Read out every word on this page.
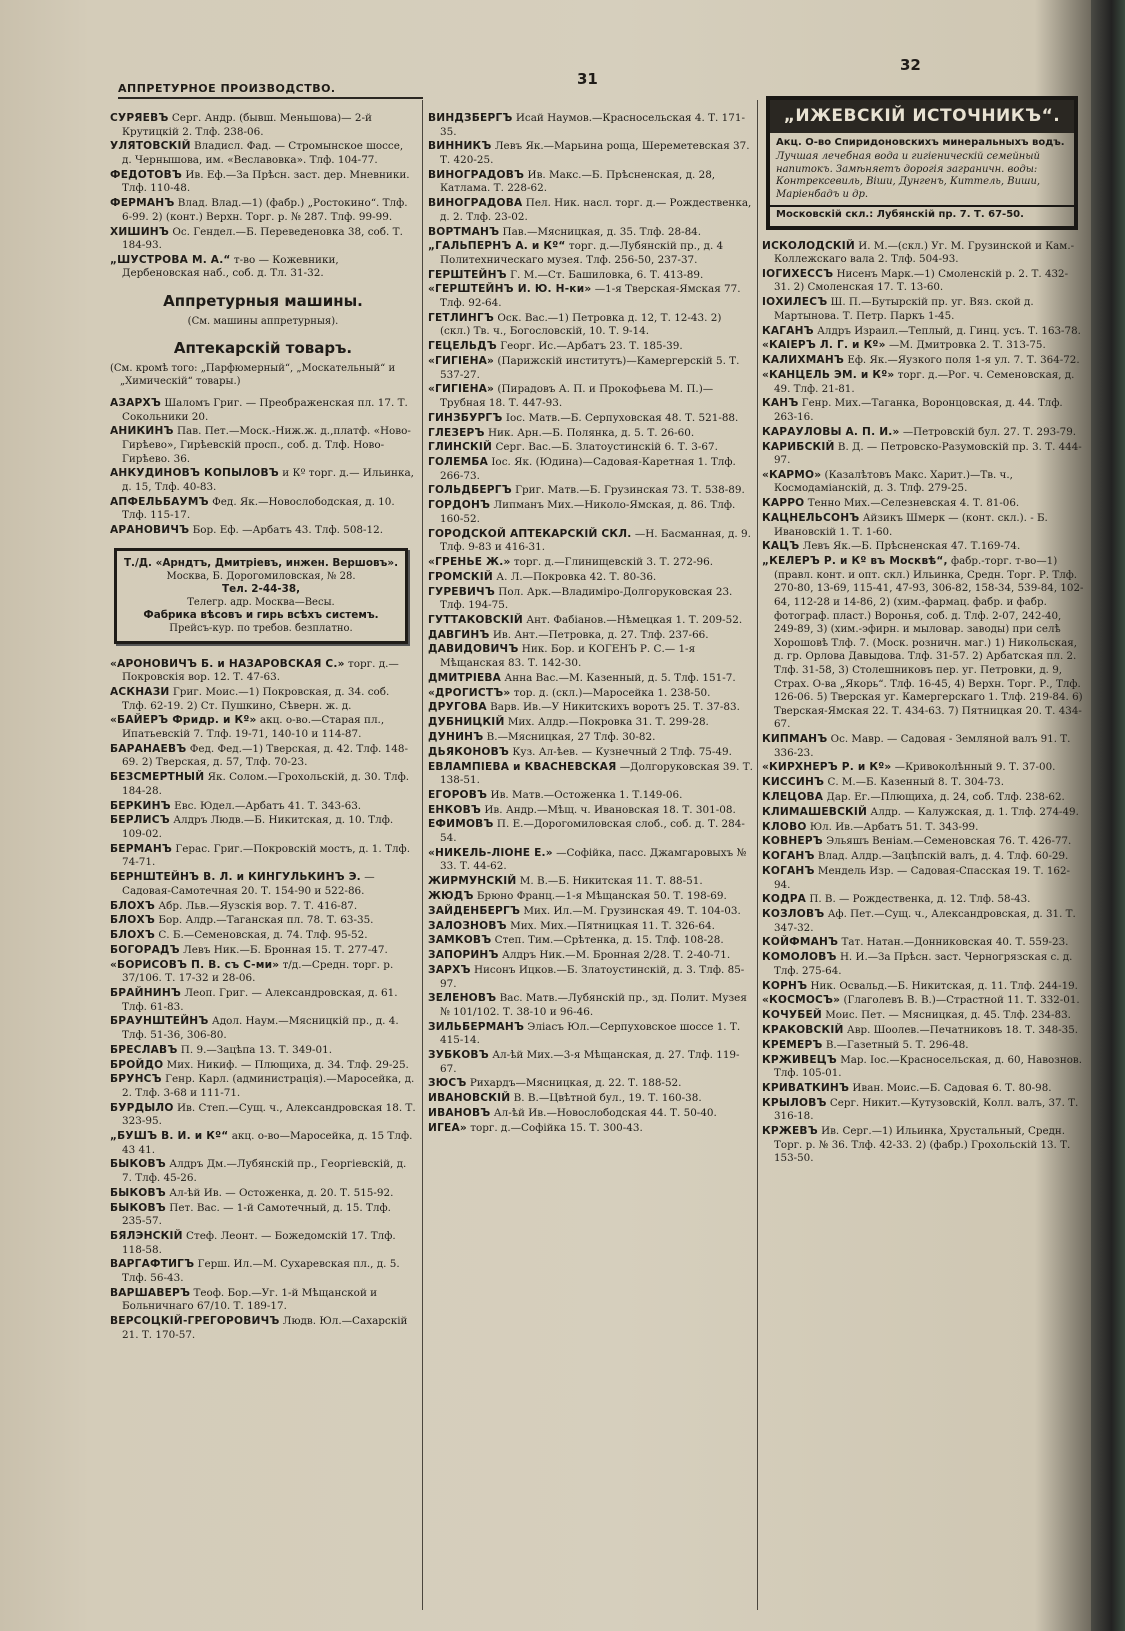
АППРЕТУРНОЕ ПРОИЗВОДСТВО.
31
32
СУРЯЕВЪ Серг. Андр. (бывш. Меньшова)— 2-й Крутицкій 2. Тлф. 238-06.
УЛЯТОВСКІЙ Владисл. Фад. — Стромынское шоссе, д. Чернышова, им. «Веславовка». Тлф. 104-77.
ФЕДОТОВЪ Ив. Еф.—За Прѣсн. заст. дер. Мневники. Тлф. 110-48.
ФЕРМАНЪ Влад. Влад.—1) (фабр.) „Ростокино“. Тлф. 6-99. 2) (конт.) Верхн. Торг. р. № 287. Тлф. 99-99.
ХИШИНЪ Ос. Гендел.—Б. Переведеновка 38, соб. Т. 184-93.
„ШУСТРОВА М. А.“ т-во — Кожевники, Дербеновская наб., соб. д. Тл. 31-32.
Аппретурныя машины.
(См. машины аппретурныя).
Аптекарскій товаръ.
(См. кромѣ того: „Парфюмерный“, „Москательный“ и „Химическій“ товары.)
АЗАРХЪ Шаломъ Григ. — Преображенская пл. 17. Т. Сокольники 20.
АНИКИНЪ Пав. Пет.—Моск.-Ниж.ж. д.,платф. «Ново-Гирѣево», Гирѣевскій просп., соб. д. Тлф. Ново-Гирѣево. 36.
АНКУДИНОВЪ КОПЫЛОВЪ и Кº торг. д.— Ильинка, д. 15, Тлф. 40-83.
АПФЕЛЬБАУМЪ Фед. Як.—Новослободская, д. 10. Тлф. 115-17.
АРАНОВИЧЪ Бор. Еф. —Арбатъ 43. Тлф. 508-12.
Т./Д. «Арндтъ, Дмитріевъ, инжен. Вершовъ».
Москва, Б. Дорогомиловская, № 28.
Тел. 2-44-38,
Телегр. адр. Москва—Весы.
Фабрика вѣсовъ и гирь всѣхъ системъ.
Прейсъ-кур. по требов. безплатно.
«АРОНОВИЧЪ Б. и НАЗАРОВСКАЯ С.» торг. д.—Покровскія вор. 12. Т. 47-63.
АСКНАЗИ Григ. Моис.—1) Покровская, д. 34. соб. Тлф. 62-19. 2) Ст. Пушкино, Сѣверн. ж. д.
«БАЙЕРЪ Фридр. и Кº» акц. о-во.—Старая пл., Ипатьевскій 7. Тлф. 19-71, 140-10 и 114-87.
БАРАНАЕВЪ Фед. Фед.—1) Тверская, д. 42. Тлф. 148-69. 2) Тверская, д. 57, Тлф. 70-23.
БЕЗСМЕРТНЫЙ Як. Солом.—Грохольскій, д. 30. Тлф. 184-28.
БЕРКИНЪ Евс. Юдел.—Арбатъ 41. Т. 343-63.
БЕРЛИСЪ Алдръ Людв.—Б. Никитская, д. 10. Тлф. 109-02.
БЕРМАНЪ Герас. Григ.—Покровскій мостъ, д. 1. Тлф. 74-71.
БЕРНШТЕЙНЪ В. Л. и КИНГУЛЬКИНЪ Э. — Садовая-Самотечная 20. Т. 154-90 и 522-86.
БЛОХЪ Абр. Льв.—Яузскія вор. 7. Т. 416-87.
БЛОХЪ Бор. Алдр.—Таганская пл. 78. Т. 63-35.
БЛОХЪ С. Б.—Семеновская, д. 74. Тлф. 95-52.
БОГОРАДЪ Левъ Ник.—Б. Бронная 15. Т. 277-47.
«БОРИСОВЪ П. В. съ С-ми» т/д.—Средн. торг. р. 37/106. Т. 17-32 и 28-06.
БРАЙНИНЪ Леоп. Григ. — Александровская, д. 61. Тлф. 61-83.
БРАУНШТЕЙНЪ Адол. Наум.—Мясницкій пр., д. 4. Тлф. 51-36, 306-80.
БРЕСЛАВЪ П. 9.—Зацѣпа 13. Т. 349-01.
БРОЙДО Мих. Никиф. — Плющиха, д. 34. Тлф. 29-25.
БРУНСЪ Генр. Карл. (администрація).—Маросейка, д. 2. Тлф. 3-68 и 111-71.
БУРДЫЛО Ив. Степ.—Сущ. ч., Александровская 18. Т. 323-95.
„БУШЪ В. И. и Кº“ акц. о-во—Маросейка, д. 15 Тлф. 43 41.
БЫКОВЪ Алдръ Дм.—Лубянскій пр., Георгіевскій, д. 7. Тлф. 45-26.
БЫКОВЪ Ал-ѣй Ив. — Остоженка, д. 20. Т. 515-92.
БЫКОВЪ Пет. Вас. — 1-й Самотечный, д. 15. Тлф. 235-57.
БЯЛЭНСКІЙ Стеф. Леонт. — Божедомскій 17. Тлф. 118-58.
ВАРГАФТИГЪ Герш. Ил.—М. Сухаревская пл., д. 5. Тлф. 56-43.
ВАРШАВЕРЪ Теоф. Бор.—Уг. 1-й Мѣщанской и Больничнаго 67/10. Т. 189-17.
ВЕРСОЦКІЙ-ГРЕГОРОВИЧЪ Людв. Юл.—Сахарскій 21. Т. 170-57.
ВИНДЗБЕРГЪ Исай Наумов.—Красносельская 4. Т. 171-35.
ВИННИКЪ Левъ Як.—Марьина роща, Шереметевская 37. Т. 420-25.
ВИНОГРАДОВЪ Ив. Макс.—Б. Прѣсненская, д. 28, Катлама. Т. 228-62.
ВИНОГРАДОВА Пел. Ник. насл. торг. д.— Рождественка, д. 2. Тлф. 23-02.
ВОРТМАНЪ Пав.—Мясницкая, д. 35. Тлф. 28-84.
„ГАЛЬПЕРНЪ А. и Кº“ торг. д.—Лубянскій пр., д. 4 Политехническаго музея. Тлф. 256-50, 237-37.
ГЕРШТЕЙНЪ Г. М.—Ст. Башиловка, 6. Т. 413-89.
«ГЕРШТЕЙНЪ И. Ю. Н-ки» —1-я Тверская-Ямская 77. Тлф. 92-64.
ГЕТЛИНГЪ Оск. Вас.—1) Петровка д. 12, Т. 12-43. 2) (скл.) Тв. ч., Богословскій, 10. Т. 9-14.
ГЕЦЕЛЬДЪ Георг. Ис.—Арбатъ 23. Т. 185-39.
«ГИГІЕНА» (Парижскій институтъ)—Камергерскій 5. Т. 537-27.
«ГИГІЕНА» (Пирадовъ А. П. и Прокофьева М. П.)—Трубная 18. Т. 447-93.
ГИНЗБУРГЪ Іос. Матв.—Б. Серпуховская 48. Т. 521-88.
ГЛЕЗЕРЪ Ник. Арн.—Б. Полянка, д. 5. Т. 26-60.
ГЛИНСКІЙ Серг. Вас.—Б. Златоустинскій 6. Т. 3-67.
ГОЛЕМБА Іос. Як. (Юдина)—Садовая-Каретная 1. Тлф. 266-73.
ГОЛЬДБЕРГЪ Григ. Матв.—Б. Грузинская 73. Т. 538-89.
ГОРДОНЪ Липманъ Мих.—Николо-Ямская, д. 86. Тлф. 160-52.
ГОРОДСКОЙ АПТЕКАРСКІЙ СКЛ. —Н. Басманная, д. 9. Тлф. 9-83 и 416-31.
«ГРЕНЬЕ Ж.» торг. д.—Глинищевскій 3. Т. 272-96.
ГРОМСКІЙ А. Л.—Покровка 42. Т. 80-36.
ГУРЕВИЧЪ Пол. Арк.—Владиміро-Долгоруковская 23. Тлф. 194-75.
ГУТТАКОВСКІЙ Ант. Фабіанов.—Нѣмецкая 1. Т. 209-52.
ДАВГИНЪ Ив. Ант.—Петровка, д. 27. Тлф. 237-66.
ДАВИДОВИЧЪ Ник. Бор. и КОГЕНЪ Р. С.— 1-я Мѣщанская 83. Т. 142-30.
ДМИТРІЕВА Анна Вас.—М. Казенный, д. 5. Тлф. 151-7.
«ДРОГИСТЪ» тор. д. (скл.)—Маросейка 1. 238-50.
ДРУГОВА Варв. Ив.—У Никитскихъ воротъ 25. Т. 37-83.
ДУБНИЦКІЙ Мих. Алдр.—Покровка 31. Т. 299-28.
ДУНИНЪ В.—Мясницкая, 27 Тлф. 30-82.
ДЬЯКОНОВЪ Куз. Ал-ѣев. — Кузнечный 2 Тлф. 75-49.
ЕВЛАМПІЕВА и КВАСНЕВСКАЯ —Долгоруковская 39. Т. 138-51.
ЕГОРОВЪ Ив. Матв.—Остоженка 1. Т.149-06.
ЕНКОВЪ Ив. Андр.—Мѣщ. ч. Ивановская 18. Т. 301-08.
ЕФИМОВЪ П. Е.—Дорогомиловская слоб., соб. д. Т. 284-54.
«НИКЕЛЬ-ЛІОНЕ Е.» —Софійка, пасс. Джамгаровыхъ № 33. Т. 44-62.
ЖИРМУНСКІЙ М. В.—Б. Никитская 11. Т. 88-51.
ЖЮДЪ Брюно Франц.—1-я Мѣщанская 50. Т. 198-69.
ЗАЙДЕНБЕРГЪ Мих. Ил.—М. Грузинская 49. Т. 104-03.
ЗАЛОЗНОВЪ Мих. Мих.—Пятницкая 11. Т. 326-64.
ЗАМКОВЪ Степ. Тим.—Срѣтенка, д. 15. Тлф. 108-28.
ЗАПОРИНЪ Алдръ Ник.—М. Бронная 2/28. Т. 2-40-71.
ЗАРХЪ Нисонъ Ицков.—Б. Златоустинскій, д. 3. Тлф. 85-97.
ЗЕЛЕНОВЪ Вас. Матв.—Лубянскій пр., зд. Полит. Музея № 101/102. Т. 38-10 и 96-46.
ЗИЛЬБЕРМАНЪ Эліасъ Юл.—Серпуховское шоссе 1. Т. 415-14.
ЗУБКОВЪ Ал-ѣй Мих.—3-я Мѣщанская, д. 27. Тлф. 119-67.
ЗЮСЪ Рихардъ—Мясницкая, д. 22. Т. 188-52.
ИВАНОВСКІЙ В. В.—Цвѣтной бул., 19. Т. 160-38.
ИВАНОВЪ Ал-ѣй Ив.—Новослободская 44. Т. 50-40.
ИГЕА» торг. д.—Софійка 15. Т. 300-43.
„ИЖЕВСКІЙ ИСТОЧНИКЪ“.
Акц. О-во Спиридоновскихъ минеральныхъ водъ.
Лучшая лечебная вода и гигіеническій семейный напитокъ. Замѣняетъ дорогія заграничн. воды: Контрексевиль, Віши, Дунгенъ, Киттель, Виши, Маріенбадъ и др.
Московскій скл.: Лубянскій пр. 7. Т. 67-50.
ИСКОЛОДСКІЙ И. М.—(скл.) Уг. М. Грузинской и Кам.-Коллежскаго вала 2. Тлф. 504-93.
ІОГИХЕССЪ Нисенъ Марк.—1) Смоленскій р. 2. Т. 432-31. 2) Смоленская 17. Т. 13-60.
ІОХИЛЕСЪ Ш. П.—Бутырскій пр. уг. Вяз. ской д. Мартынова. Т. Петр. Паркъ 1-45.
КАГАНЪ Алдръ Израил.—Теплый, д. Гинц. усъ. Т. 163-78.
«КАІЕРЪ Л. Г. и Кº» —М. Дмитровка 2. Т. 313-75.
КАЛИХМАНЪ Еф. Як.—Яузкого поля 1-я ул. 7. Т. 364-72.
«КАНЦЕЛЬ ЭМ. и Кº» торг. д.—Рог. ч. Семеновская, д. 49. Тлф. 21-81.
КАНЪ Генр. Мих.—Таганка, Воронцовская, д. 44. Тлф. 263-16.
КАРАУЛОВЫ А. П. И.» —Петровскій бул. 27. Т. 293-79.
КАРИБСКІЙ В. Д. — Петровско-Разумовскій пр. 3. Т. 444-97.
«КАРМО» (Казалѣтовъ Макс. Харит.)—Тв. ч., Космодаміанскій, д. 3. Тлф. 279-25.
КАРРО Тенно Мих.—Селезневская 4. Т. 81-06.
КАЦНЕЛЬСОНЪ Айзикъ Шмерк — (конт. скл.). - Б. Ивановскій 1. Т. 1-60.
КАЦЪ Левъ Як.—Б. Прѣсненская 47. Т.169-74.
„КЕЛЕРЪ Р. и Кº въ Москвѣ“, фабр.-торг. т-во—1) (правл. конт. и опт. скл.) Ильинка, Средн. Торг. Р. Тлф. 270-80, 13-69, 115-41, 47-93, 306-82, 158-34, 539-84, 102-64, 112-28 и 14-86, 2) (хим.-фармац. фабр. и фабр. фотограф. пласт.) Воронья, соб. д. Тлф. 2-07, 242-40, 249-89, 3) (хим.-эфирн. и мыловар. заводы) при селѣ Хорошовѣ Тлф. 7. (Моск. розничн. маг.) 1) Никольская, д. гр. Орлова Давыдова. Тлф. 31-57. 2) Арбатская пл. 2. Тлф. 31-58, 3) Столешниковъ пер. уг. Петровки, д. 9, Страх. О-ва „Якорь“. Тлф. 16-45, 4) Верхн. Торг. Р., Тлф. 126-06. 5) Тверская уг. Камергерскаго 1. Тлф. 219-84. 6) Тверская-Ямская 22. Т. 434-63. 7) Пятницкая 20. Т. 434-67.
КИПМАНЪ Ос. Мавр. — Садовая - Земляной валъ 91. Т. 336-23.
«КИРХНЕРЪ Р. и Кº» —Кривоколѣнный 9. Т. 37-00.
КИССИНЪ С. М.—Б. Казенный 8. Т. 304-73.
КЛЕЦОВА Дар. Ег.—Плющиха, д. 24, соб. Тлф. 238-62.
КЛИМАШЕВСКІЙ Алдр. — Калужская, д. 1. Тлф. 274-49.
КЛОВО Юл. Ив.—Арбатъ 51. Т. 343-99.
КОВНЕРЪ Эльяшъ Веніам.—Семеновская 76. Т. 426-77.
КОГАНЪ Влад. Алдр.—Зацѣпскій валъ, д. 4. Тлф. 60-29.
КОГАНЪ Мендель Изр. — Садовая-Спасская 19. Т. 162-94.
КОДРА П. В. — Рождественка, д. 12. Тлф. 58-43.
КОЗЛОВЪ Аф. Пет.—Сущ. ч., Александровская, д. 31. Т. 347-32.
КОЙФМАНЪ Тат. Натан.—Донниковская 40. Т. 559-23.
КОМОЛОВЪ Н. И.—За Прѣсн. заст. Черногрязская с. д. Тлф. 275-64.
КОРНЪ Ник. Освальд.—Б. Никитская, д. 11. Тлф. 244-19.
«КОСМОСЪ» (Глаголевъ В. В.)—Страстной 11. Т. 332-01.
КОЧУБЕЙ Моис. Пет. — Мясницкая, д. 45. Тлф. 234-83.
КРАКОВСКІЙ Авр. Шоолев.—Печатниковъ 18. Т. 348-35.
КРЕМЕРЪ В.—Газетный 5. Т. 296-48.
КРЖИВЕЦЪ Мар. Іос.—Красносельская, д. 60, Навознов. Тлф. 105-01.
КРИВАТКИНЪ Иван. Моис.—Б. Садовая 6. Т. 80-98.
КРЫЛОВЪ Серг. Никит.—Кутузовскій, Колл. валъ, 37. Т. 316-18.
КРЖЕВЪ Ив. Серг.—1) Ильинка, Хрустальный, Средн. Торг. р. № 36. Тлф. 42-33. 2) (фабр.) Грохольскій 13. Т. 153-50.
